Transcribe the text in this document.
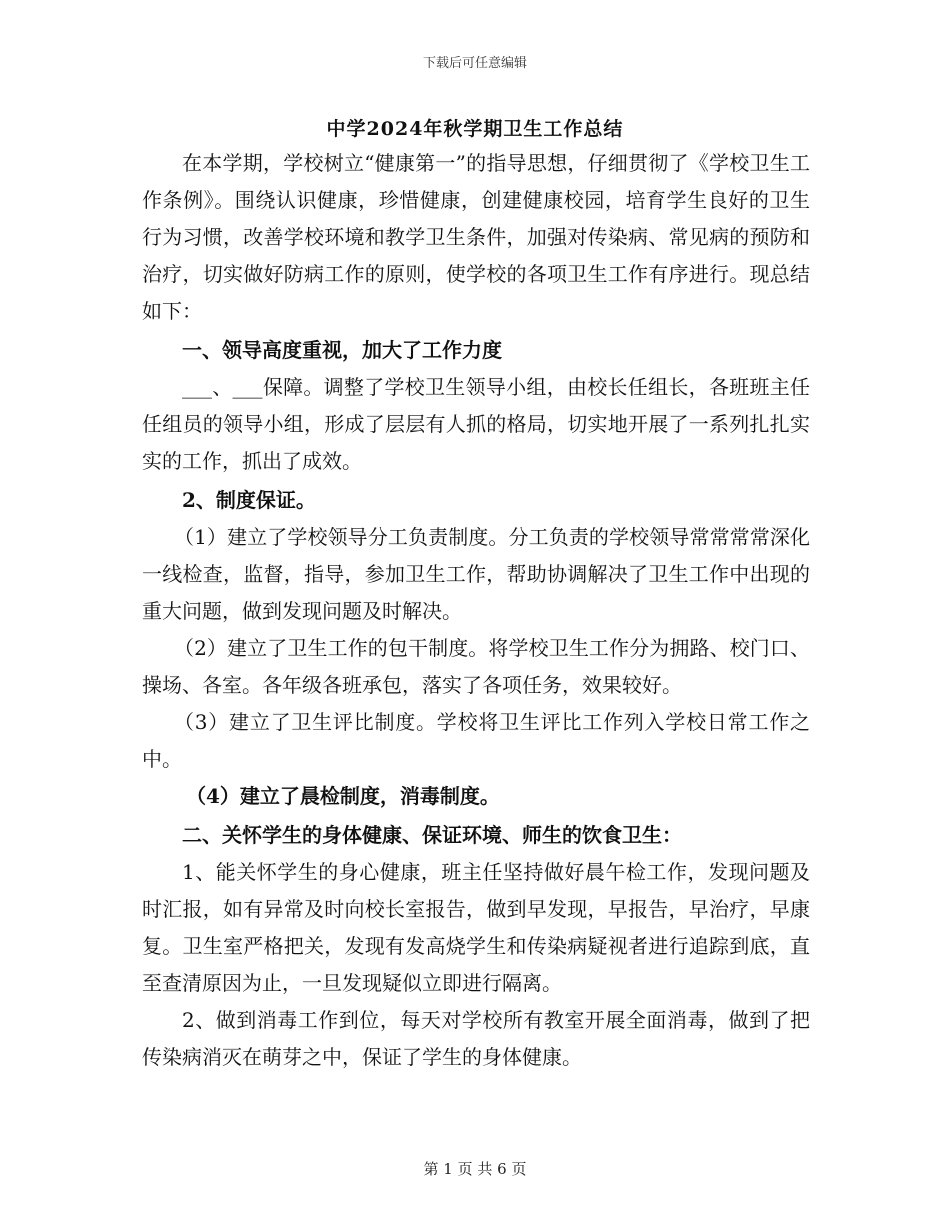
下载后可任意编辑
中学2024年秋学期卫生工作总结

在本学期，学校树立“健康第一”的指导思想，仔细贯彻了《学校卫生工作条例》。围绕认识健康，珍惜健康，创建健康校园，培育学生良好的卫生行为习惯，改善学校环境和教学卫生条件，加强对传染病、常见病的预防和治疗，切实做好防病工作的原则，使学校的各项卫生工作有序进行。现总结如下：

一、领导高度重视，加大了工作力度

___、___保障。调整了学校卫生领导小组，由校长任组长，各班班主任任组员的领导小组，形成了层层有人抓的格局，切实地开展了一系列扎扎实实的工作，抓出了成效。

2、制度保证。

（1）建立了学校领导分工负责制度。分工负责的学校领导常常常常深化一线检查，监督，指导，参加卫生工作，帮助协调解决了卫生工作中出现的重大问题，做到发现问题及时解决。

（2）建立了卫生工作的包干制度。将学校卫生工作分为拥路、校门口、操场、各室。各年级各班承包，落实了各项任务，效果较好。

（3）建立了卫生评比制度。学校将卫生评比工作列入学校日常工作之中。

（4）建立了晨检制度，消毒制度。

二、关怀学生的身体健康、保证环境、师生的饮食卫生：

1、能关怀学生的身心健康，班主任坚持做好晨午检工作，发现问题及时汇报，如有异常及时向校长室报告，做到早发现，早报告，早治疗，早康复。卫生室严格把关，发现有发高烧学生和传染病疑视者进行追踪到底，直至查清原因为止，一旦发现疑似立即进行隔离。

2、做到消毒工作到位，每天对学校所有教室开展全面消毒，做到了把传染病消灭在萌芽之中，保证了学生的身体健康。

第 1 页 共 6 页
